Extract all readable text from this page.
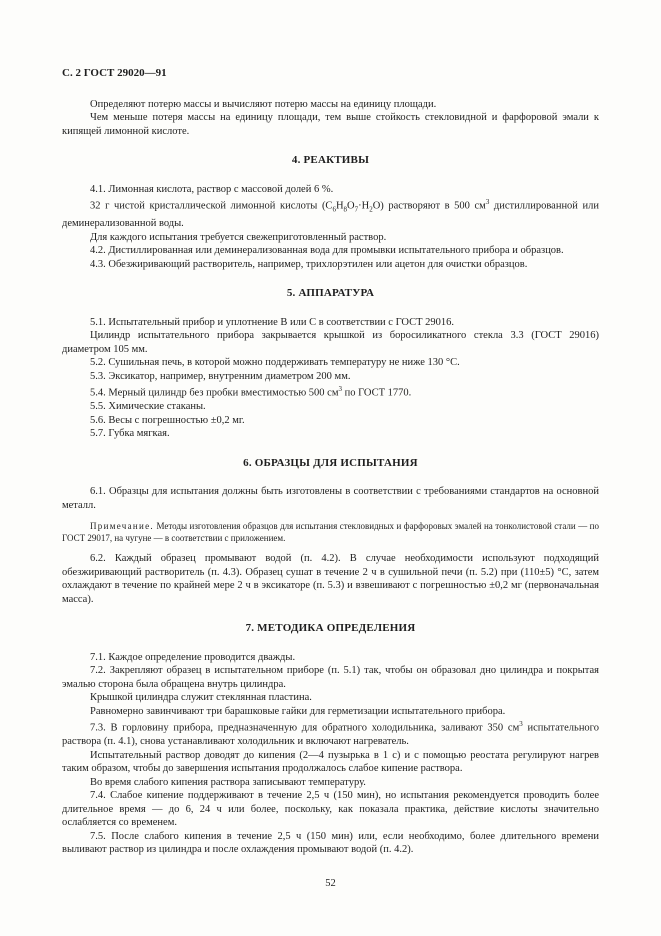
С. 2 ГОСТ 29020—91

Определяют потерю массы и вычисляют потерю массы на единицу площади.

Чем меньше потеря массы на единицу площади, тем выше стойкость стекловидной и фарфоровой эмали к кипящей лимонной кислоте.

4. РЕАКТИВЫ

4.1. Лимонная кислота, раствор с массовой долей 6 %.

32 г чистой кристаллической лимонной кислоты $(C_6H_8O_7\cdot H_2O)$ растворяют в 500 $см^3$ дистиллированной или деминерализованной воды.

Для каждого испытания требуется свежеприготовленный раствор.

4.2. Дистиллированная или деминерализованная вода для промывки испытательного прибора и образцов.

4.3. Обезжиривающий растворитель, например, трихлорэтилен или ацетон для очистки образцов.

5. АППАРАТУРА

5.1. Испытательный прибор и уплотнение В или С в соответствии с ГОСТ 29016.

Цилиндр испытательного прибора закрывается крышкой из боросиликатного стекла 3.3 (ГОСТ 29016) диаметром 105 мм.

5.2. Сушильная печь, в которой можно поддерживать температуру не ниже 130 °С.

5.3. Эксикатор, например, внутренним диаметром 200 мм.

5.4. Мерный цилиндр без пробки вместимостью 500 $см^3$ по ГОСТ 1770.

5.5. Химические стаканы.

5.6. Весы с погрешностью ±0,2 мг.

5.7. Губка мягкая.

6. ОБРАЗЦЫ ДЛЯ ИСПЫТАНИЯ

6.1. Образцы для испытания должны быть изготовлены в соответствии с требованиями стандартов на основной металл.

Примечание. Методы изготовления образцов для испытания стекловидных и фарфоровых эмалей на тонколистовой стали — по ГОСТ 29017, на чугуне — в соответствии с приложением.

6.2. Каждый образец промывают водой (п. 4.2). В случае необходимости используют подходящий обезжиривающий растворитель (п. 4.3). Образец сушат в течение 2 ч в сушильной печи (п. 5.2) при (110±5) °С, затем охлаждают в течение по крайней мере 2 ч в эксикаторе (п. 5.3) и взвешивают с погрешностью ±0,2 мг (первоначальная масса).

7. МЕТОДИКА ОПРЕДЕЛЕНИЯ

7.1. Каждое определение проводится дважды.

7.2. Закрепляют образец в испытательном приборе (п. 5.1) так, чтобы он образовал дно цилиндра и покрытая эмалью сторона была обращена внутрь цилиндра.

Крышкой цилиндра служит стеклянная пластина.

Равномерно завинчивают три барашковые гайки для герметизации испытательного прибора.

7.3. В горловину прибора, предназначенную для обратного холодильника, заливают 350 $см^3$ испытательного раствора (п. 4.1), снова устанавливают холодильник и включают нагреватель.

Испытательный раствор доводят до кипения (2—4 пузырька в 1 с) и с помощью реостата регулируют нагрев таким образом, чтобы до завершения испытания продолжалось слабое кипение раствора.

Во время слабого кипения раствора записывают температуру.

7.4. Слабое кипение поддерживают в течение 2,5 ч (150 мин), но испытания рекомендуется проводить более длительное время — до 6, 24 ч или более, поскольку, как показала практика, действие кислоты значительно ослабляется со временем.

7.5. После слабого кипения в течение 2,5 ч (150 мин) или, если необходимо, более длительного времени выливают раствор из цилиндра и после охлаждения промывают водой (п. 4.2).

52
